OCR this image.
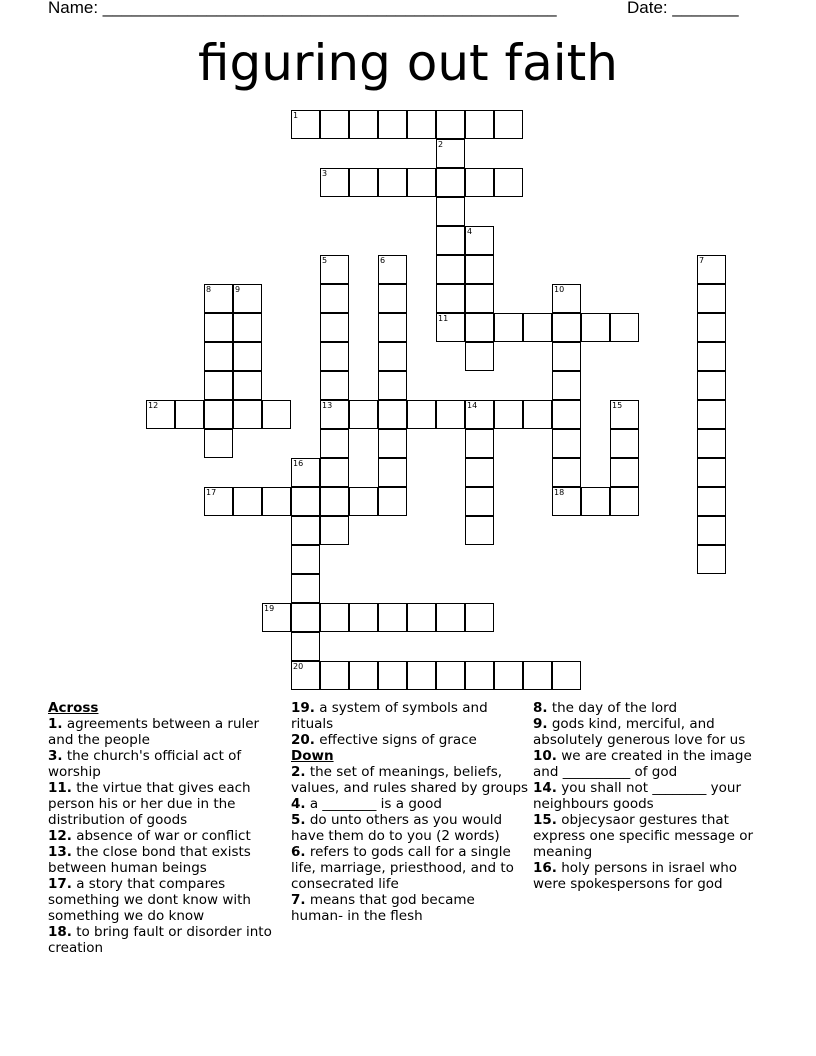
Name: ________________________________________________	Date: _______
figuring out faith
1
2
3
4
5	6	7
8	9	10
11
12	13	14	15
16
17	18
19
20
Across
1. agreements between a ruler and the people
3. the church's official act of worship
11. the virtue that gives each person his or her due in the distribution of goods
12. absence of war or conflict
13. the close bond that exists between human beings
17. a story that compares something we dont know with something we do know
18. to bring fault or disorder into creation
19. a system of symbols and rituals
20. effective signs of grace
Down
2. the set of meanings, beliefs, values, and rules shared by groups
4. a ________ is a good
5. do unto others as you would have them do to you (2 words)
6. refers to gods call for a single life, marriage, priesthood, and to consecrated life
7. means that god became human- in the flesh
8. the day of the lord
9. gods kind, merciful, and absolutely generous love for us
10. we are created in the image and __________ of god
14. you shall not ________ your neighbours goods
15. objecysaor gestures that express one specific message or meaning
16. holy persons in israel who were spokespersons for god
